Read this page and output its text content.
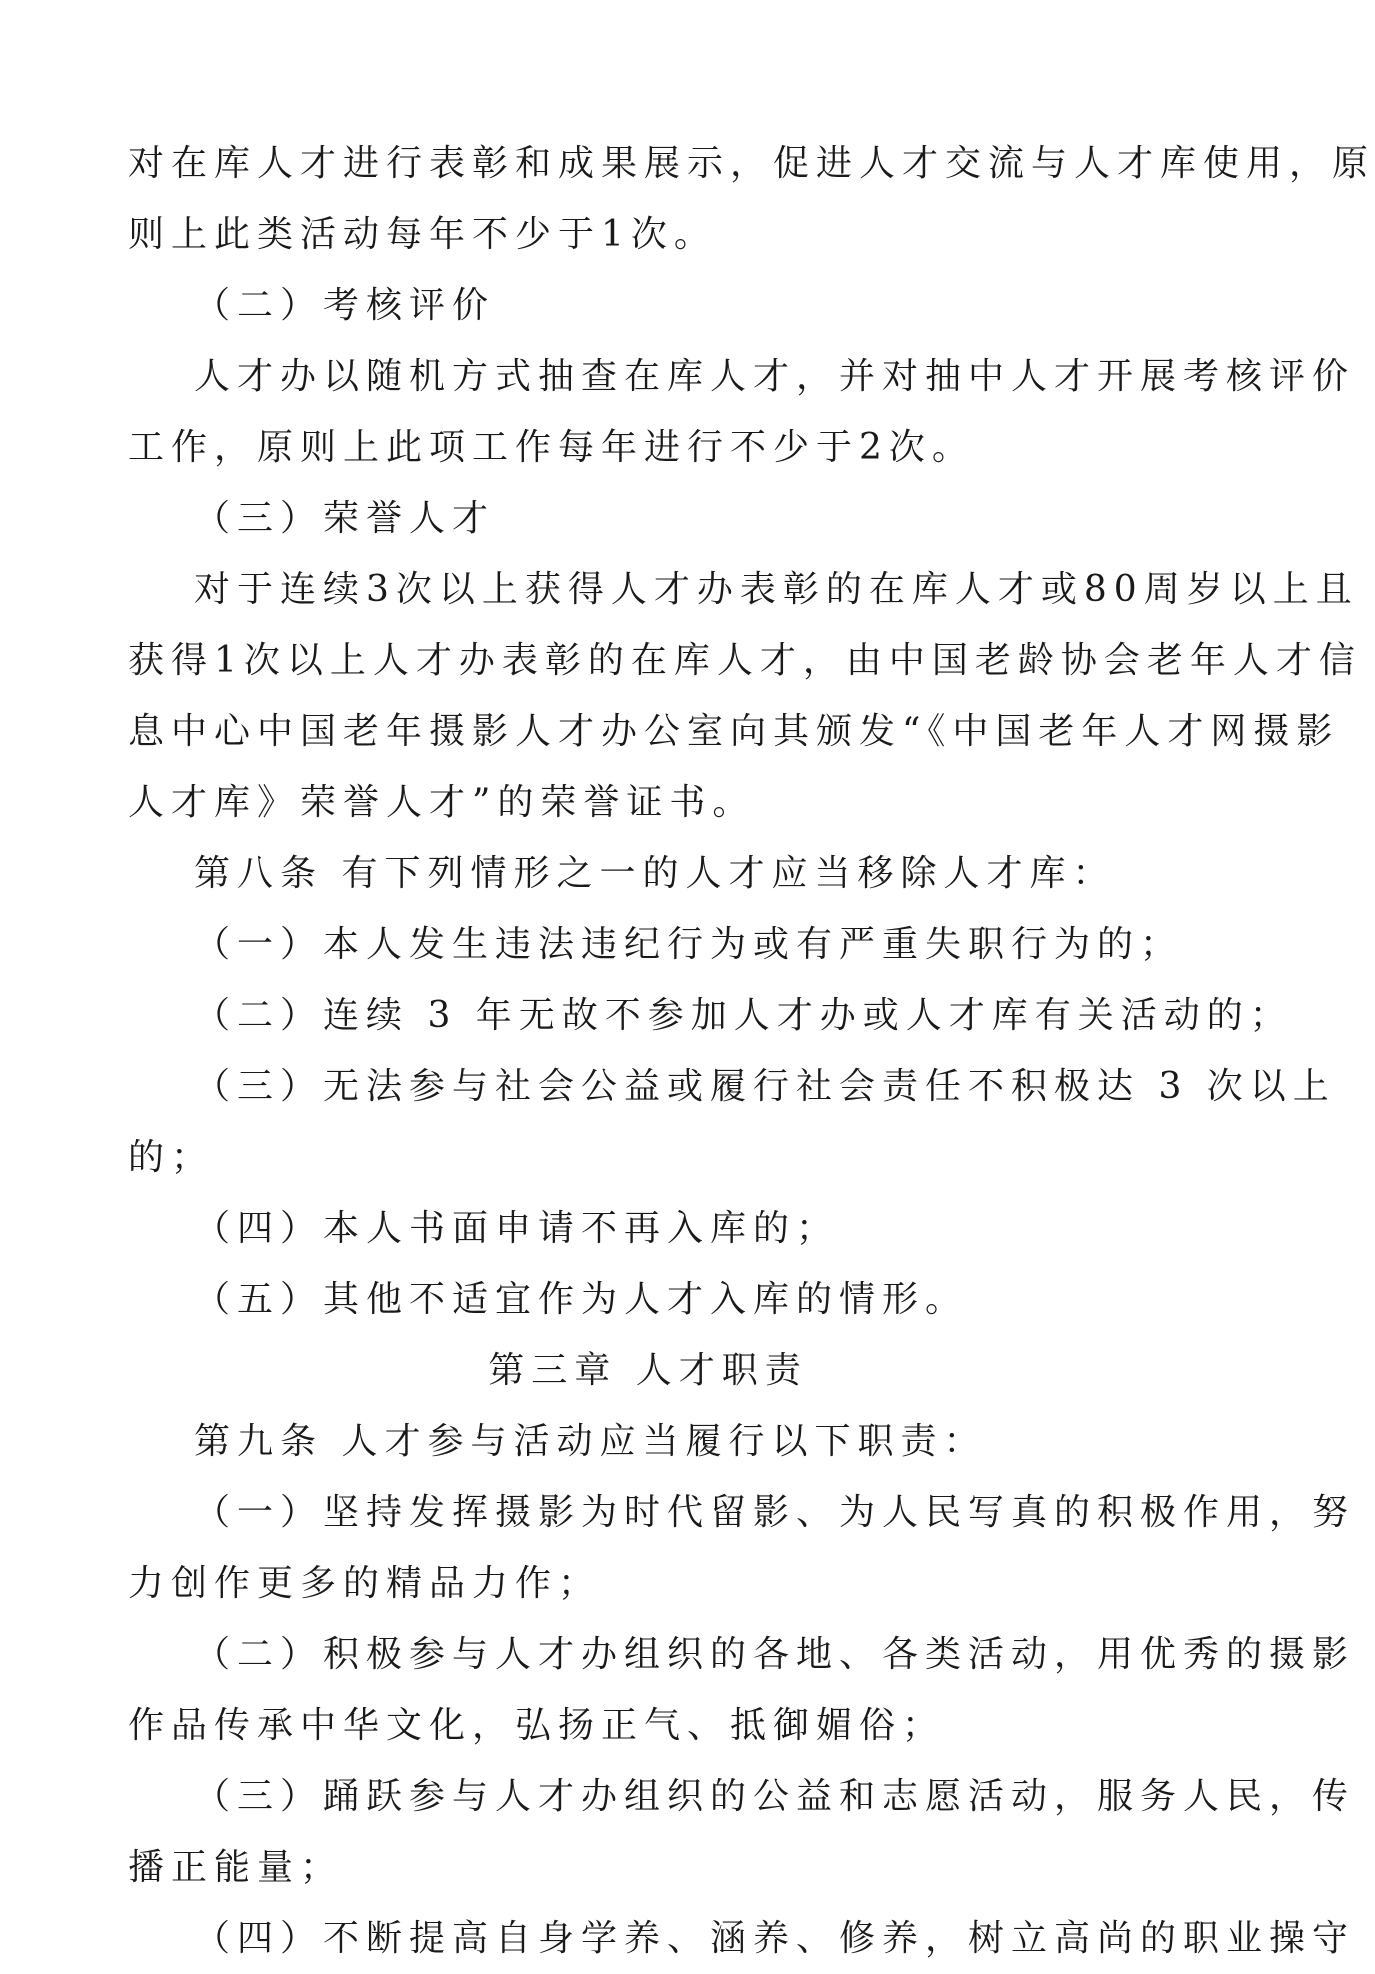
对在库人才进行表彰和成果展示，促进人才交流与人才库使用，原
则上此类活动每年不少于1次。
（二）考核评价
人才办以随机方式抽查在库人才，并对抽中人才开展考核评价
工作，原则上此项工作每年进行不少于2次。
（三）荣誉人才
对于连续3次以上获得人才办表彰的在库人才或80周岁以上且
获得1次以上人才办表彰的在库人才，由中国老龄协会老年人才信
息中心中国老年摄影人才办公室向其颁发“《中国老年人才网摄影
人才库》荣誉人才”的荣誉证书。
第八条 有下列情形之一的人才应当移除人才库：
（一）本人发生违法违纪行为或有严重失职行为的；
（二）连续 3 年无故不参加人才办或人才库有关活动的；
（三）无法参与社会公益或履行社会责任不积极达 3 次以上
的；
（四）本人书面申请不再入库的；
（五）其他不适宜作为人才入库的情形。
第三章 人才职责
第九条 人才参与活动应当履行以下职责：
（一）坚持发挥摄影为时代留影、为人民写真的积极作用，努
力创作更多的精品力作；
（二）积极参与人才办组织的各地、各类活动，用优秀的摄影
作品传承中华文化，弘扬正气、抵御媚俗；
（三）踊跃参与人才办组织的公益和志愿活动，服务人民，传
播正能量；
（四）不断提高自身学养、涵养、修养，树立高尚的职业操守
